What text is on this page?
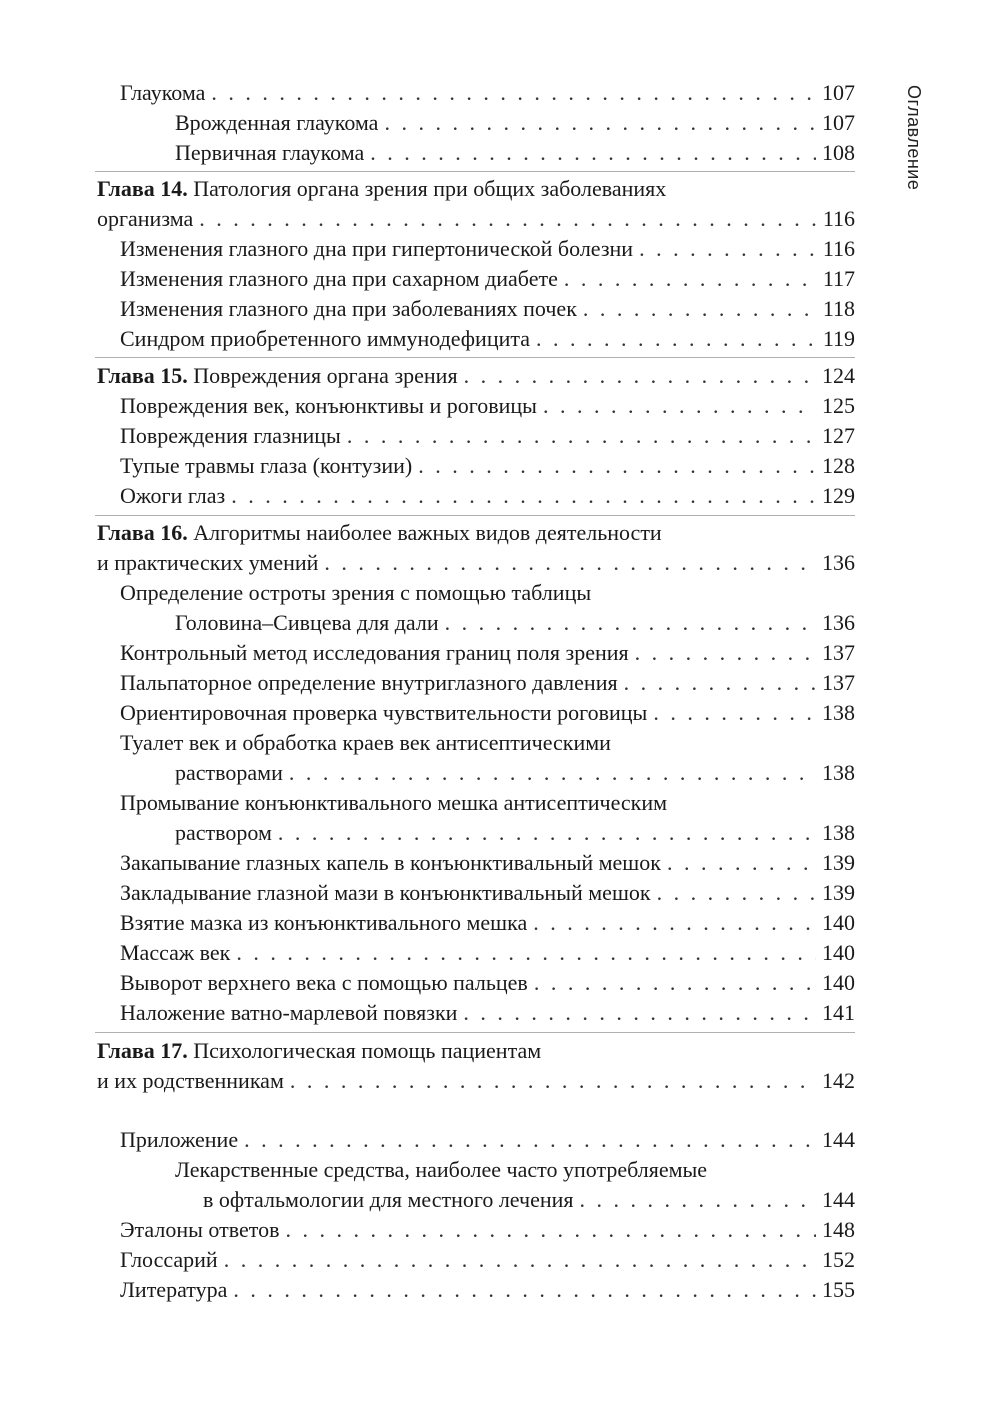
Оглавление
Глаукома . . .	107
Врожденная глаукома . . .	107
Первичная глаукома . . .	108
Глава 14. Патология органа зрения при общих заболеваниях
организма . . .	116
Изменения глазного дна при гипертонической болезни . . .	116
Изменения глазного дна при сахарном диабете . . .	117
Изменения глазного дна при заболеваниях почек . . .	118
Синдром приобретенного иммунодефицита . . .	119
Глава 15. Повреждения органа зрения . . .	124
Повреждения век, конъюнктивы и роговицы . . .	125
Повреждения глазницы . . .	127
Тупые травмы глаза (контузии) . . .	128
Ожоги глаз . . .	129
Глава 16. Алгоритмы наиболее важных видов деятельности
и практических умений . . .	136
Определение остроты зрения с помощью таблицы
Головина–Сивцева для дали . . .	136
Контрольный метод исследования границ поля зрения . . .	137
Пальпаторное определение внутриглазного давления . . .	137
Ориентировочная проверка чувствительности роговицы . . .	138
Туалет век и обработка краев век антисептическими
растворами . . .	138
Промывание конъюнктивального мешка антисептическим
раствором . . .	138
Закапывание глазных капель в конъюнктивальный мешок . . .	139
Закладывание глазной мази в конъюнктивальный мешок . . .	139
Взятие мазка из конъюнктивального мешка . . .	140
Массаж век . . .	140
Выворот верхнего века с помощью пальцев . . .	140
Наложение ватно-марлевой повязки . . .	141
Глава 17. Психологическая помощь пациентам
и их родственникам . . .	142
Приложение . . .	144
Лекарственные средства, наиболее часто употребляемые
в офтальмологии для местного лечения . . .	144
Эталоны ответов . . .	148
Глоссарий . . .	152
Литература . . .	155
